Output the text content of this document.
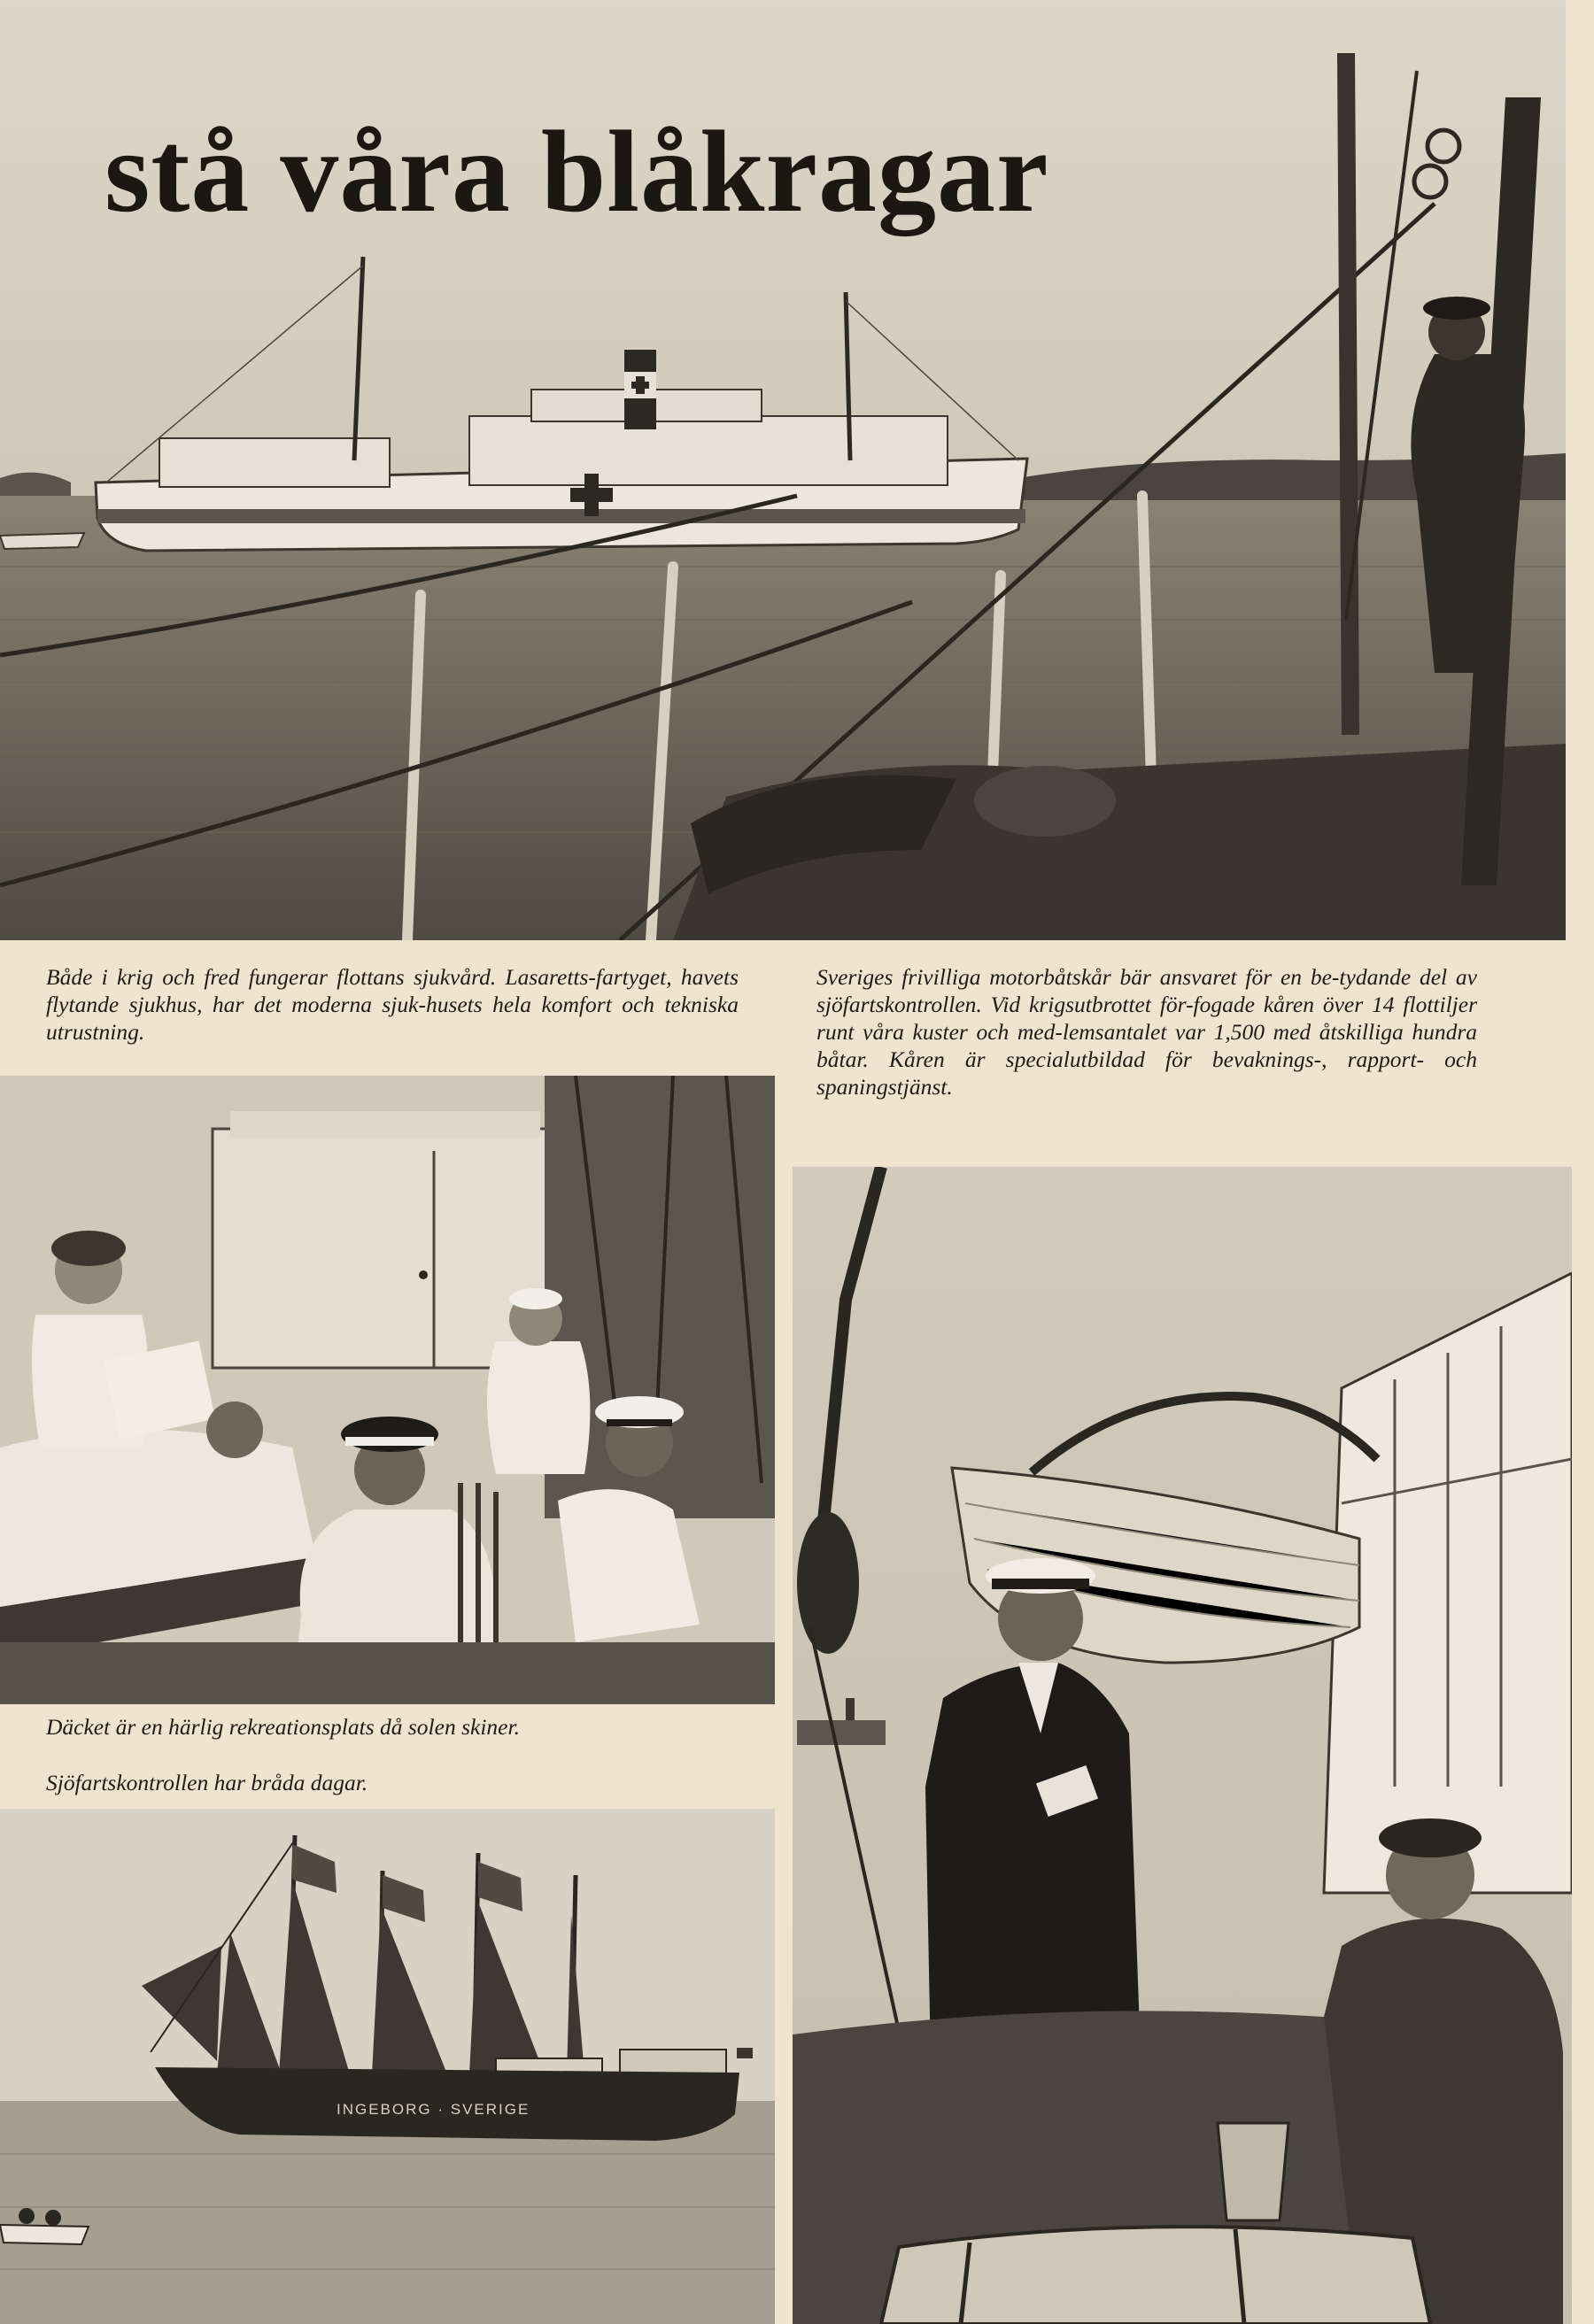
stå våra blåkragar

Både i krig och fred fungerar flottans sjukvård. Lasaretts-fartyget, havets flytande sjukhus, har det moderna sjuk-husets hela komfort och tekniska utrustning.

Sveriges frivilliga motorbåtskår bär ansvaret för en be-tydande del av sjöfartskontrollen. Vid krigsutbrottet för-fogade kåren över 14 flottiljer runt våra kuster och med-lemsantalet var 1,500 med åtskilliga hundra båtar. Kåren är specialutbildad för bevaknings-, rapport- och spaningstjänst.

Däcket är en härlig rekreationsplats då solen skiner.

Sjöfartskontrollen har bråda dagar.

INGEBORG · SVERIGE
